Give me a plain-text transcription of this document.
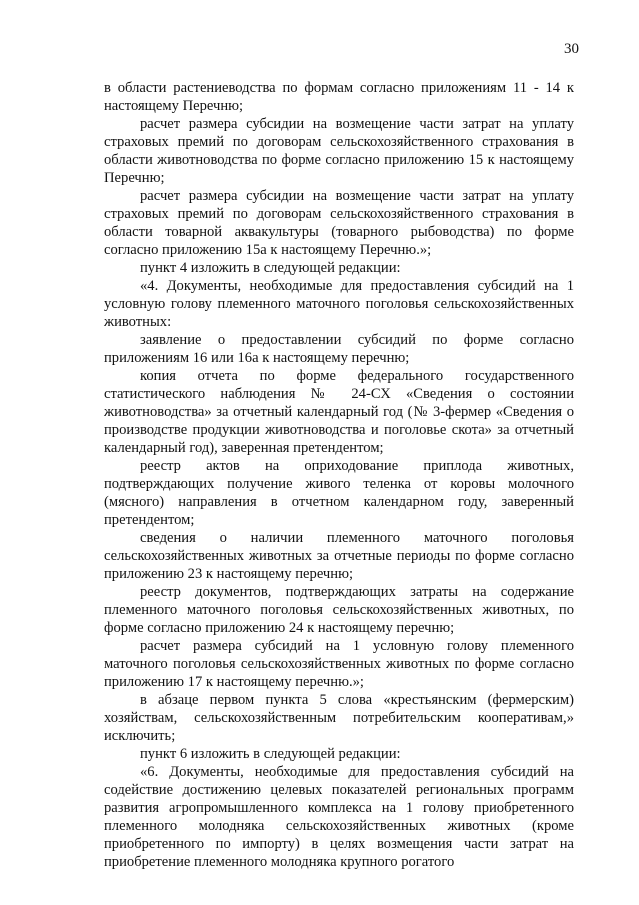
30

в области растениеводства по формам согласно приложениям 11 - 14 к настоящему Перечню;

расчет размера субсидии на возмещение части затрат на уплату страховых премий по договорам сельскохозяйственного страхования в области животноводства по форме согласно приложению 15 к настоящему Перечню;

расчет размера субсидии на возмещение части затрат на уплату страховых премий по договорам сельскохозяйственного страхования в области товарной аквакультуры (товарного рыбоводства) по форме согласно приложению 15а к настоящему Перечню.»;

пункт 4 изложить в следующей редакции:

«4. Документы, необходимые для предоставления субсидий на 1 условную голову племенного маточного поголовья сельскохозяйственных животных:

заявление о предоставлении субсидий по форме согласно приложениям 16 или 16а к настоящему перечню;

копия отчета по форме федерального государственного статистического наблюдения № 24-СХ «Сведения о состоянии животноводства» за отчетный календарный год (№ 3-фермер «Сведения о производстве продукции животноводства и поголовье скота» за отчетный календарный год), заверенная претендентом;

реестр актов на оприходование приплода животных, подтверждающих получение живого теленка от коровы молочного (мясного) направления в отчетном календарном году, заверенный претендентом;

сведения о наличии племенного маточного поголовья сельскохозяйственных животных за отчетные периоды по форме согласно приложению 23 к настоящему перечню;

реестр документов, подтверждающих затраты на содержание племенного маточного поголовья сельскохозяйственных животных, по форме согласно приложению 24 к настоящему перечню;

расчет размера субсидий на 1 условную голову племенного маточного поголовья сельскохозяйственных животных по форме согласно приложению 17 к настоящему перечню.»;

в абзаце первом пункта 5 слова «крестьянским (фермерским) хозяйствам, сельскохозяйственным потребительским кооперативам,» исключить;

пункт 6 изложить в следующей редакции:

«6. Документы, необходимые для предоставления субсидий на содействие достижению целевых показателей региональных программ развития агропромышленного комплекса на 1 голову приобретенного племенного молодняка сельскохозяйственных животных (кроме приобретенного по импорту) в целях возмещения части затрат на приобретение племенного молодняка крупного рогатого
